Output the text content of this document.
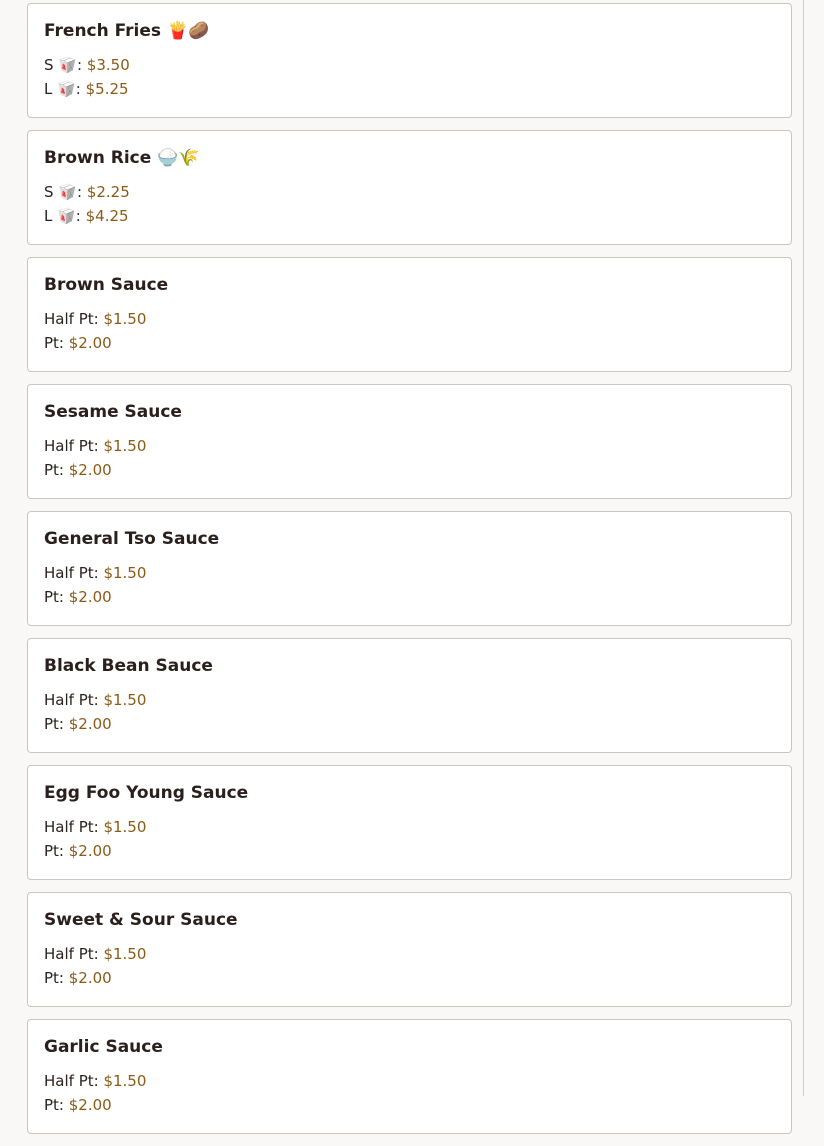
French Fries 🍟🥔
S 🥡: $3.50
L 🥡: $5.25
Brown Rice 🍚🌾
S 🥡: $2.25
L 🥡: $4.25
Brown Sauce
Half Pt: $1.50
Pt: $2.00
Sesame Sauce
Half Pt: $1.50
Pt: $2.00
General Tso Sauce
Half Pt: $1.50
Pt: $2.00
Black Bean Sauce
Half Pt: $1.50
Pt: $2.00
Egg Foo Young Sauce
Half Pt: $1.50
Pt: $2.00
Sweet & Sour Sauce
Half Pt: $1.50
Pt: $2.00
Garlic Sauce
Half Pt: $1.50
Pt: $2.00
